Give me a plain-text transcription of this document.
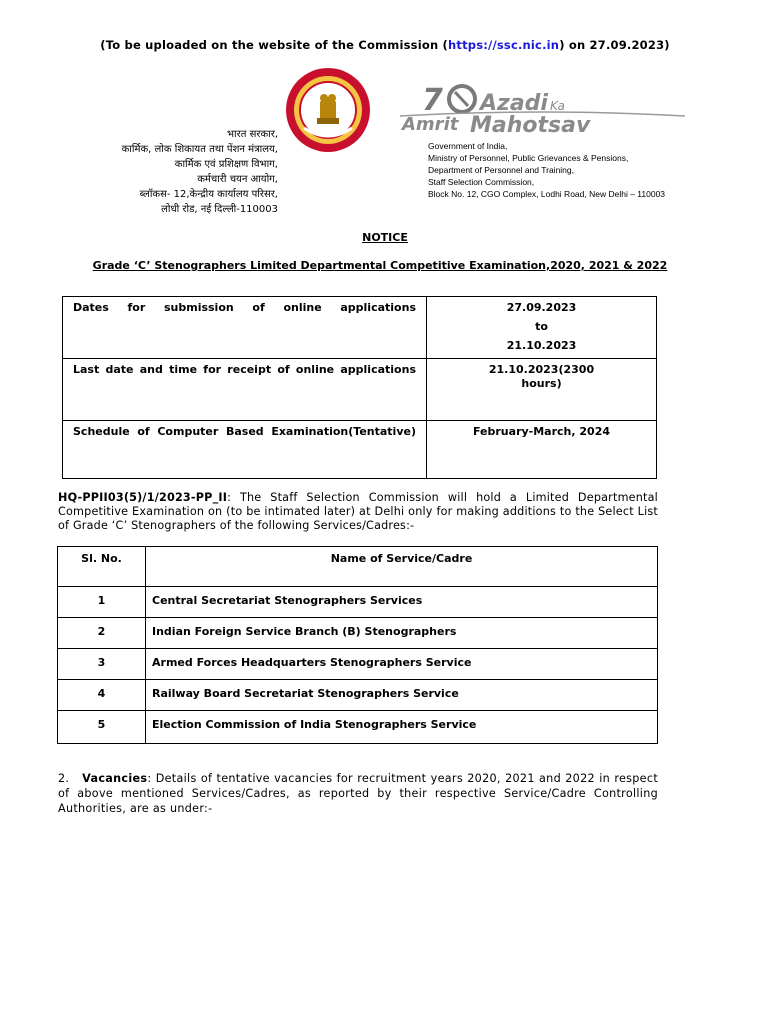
(To be uploaded on the website of the Commission (https://ssc.nic.in) on 27.09.2023)
7 Azadi Ka
Amrit Mahotsav
भारत सरकार,
कार्मिक, लोक शिकायत तथा पेंशन मंत्रालय,
कार्मिक एवं प्रशिक्षण विभाग,
कर्मचारी चयन आयोग,
ब्लॉकस- 12,केन्द्रीय कार्यालय परिसर,
लोधी रोड, नई दिल्ली-110003
Government of India,
Ministry of Personnel, Public Grievances & Pensions,
Department of Personnel and Training,
Staff Selection Commission,
Block No. 12, CGO Complex, Lodhi Road, New Delhi – 110003
NOTICE
Grade ‘C’ Stenographers Limited Departmental Competitive Examination,2020, 2021 & 2022
Dates for submission of online applications	27.09.2023
to
21.10.2023

Last date and time for receipt of online applications	21.10.2023(2300
hours)

Schedule of Computer Based Examination(Tentative)	February-March, 2024
HQ-PPII03(5)/1/2023-PP_II: The Staff Selection Commission will hold a Limited Departmental Competitive Examination on (to be intimated later) at Delhi only for making additions to the Select List of Grade ‘C’ Stenographers of the following Services/Cadres:-
Sl. No.	Name of Service/Cadre
1	Central Secretariat Stenographers Services
2	Indian Foreign Service Branch (B) Stenographers
3	Armed Forces Headquarters Stenographers Service
4	Railway Board Secretariat Stenographers Service
5	Election Commission of India Stenographers Service
2. Vacancies: Details of tentative vacancies for recruitment years 2020, 2021 and 2022 in respect of above mentioned Services/Cadres, as reported by their respective Service/Cadre Controlling Authorities, are as under:-
